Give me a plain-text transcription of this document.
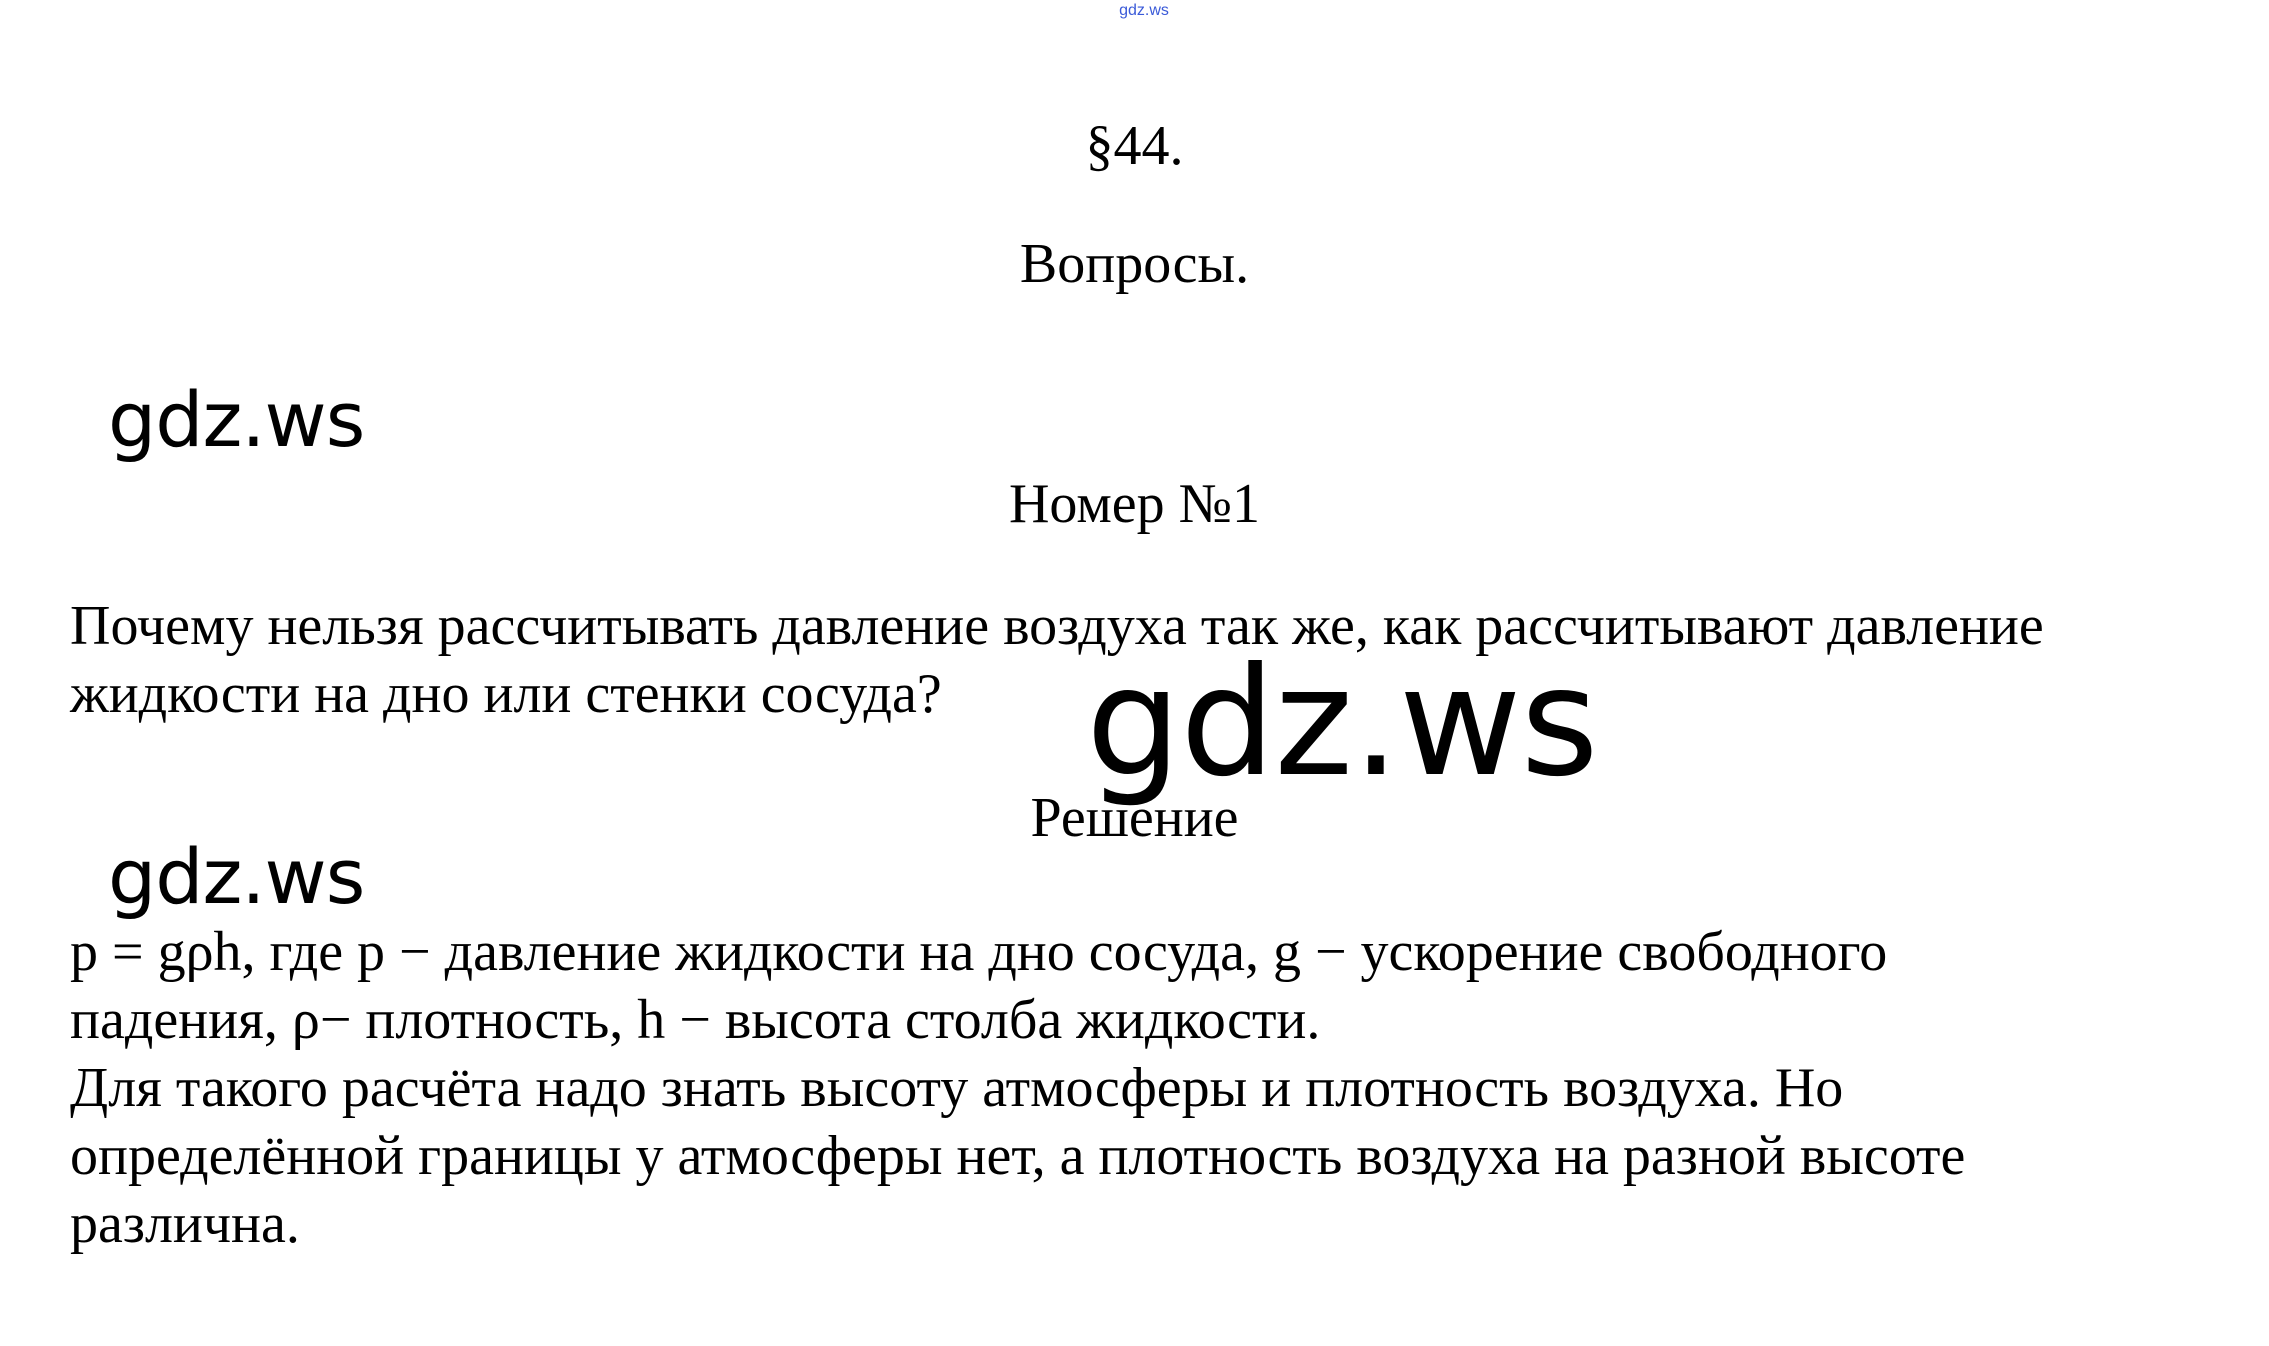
gdz.ws
§44.
Вопросы.
Номер №1
Почему нельзя рассчитывать давление воздуха так же, как рассчитывают давление
жидкости на дно или стенки сосуда?
Решение
p = gρh, где p − давление жидкости на дно сосуда, g − ускорение свободного
падения, ρ− плотность, h − высота столба жидкости.
Для такого расчёта надо знать высоту атмосферы и плотность воздуха. Но
определённой границы у атмосферы нет, а плотность воздуха на разной высоте
различна.
gdz.ws
gdz.ws
gdz.ws
